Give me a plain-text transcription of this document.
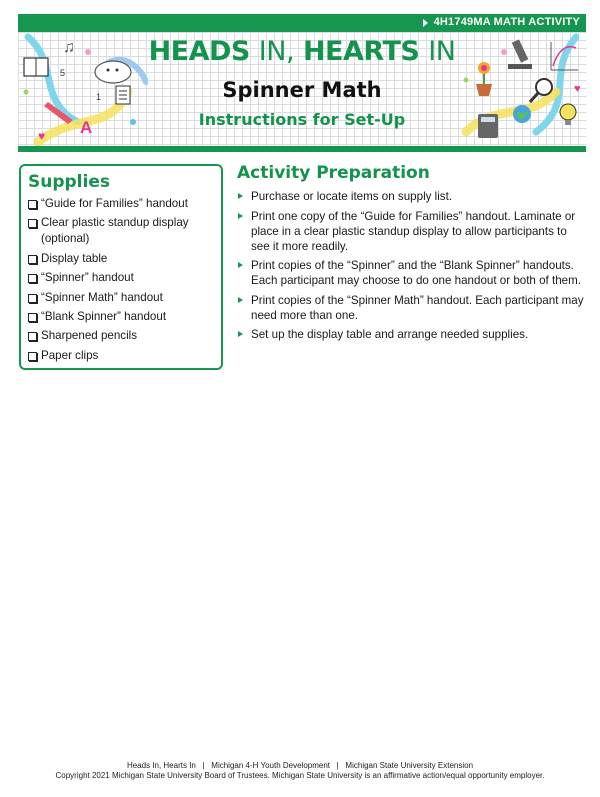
4H1749MA MATH ACTIVITY
♫
♥
5
1
A
♥
HEADS IN, HEARTS IN
Spinner Math
Instructions for Set-Up
Supplies
“Guide for Families” handout
Clear plastic standup display (optional)
Display table
“Spinner” handout
“Spinner Math” handout
“Blank Spinner” handout
Sharpened pencils
Paper clips
Activity Preparation
Purchase or locate items on supply list.
Print one copy of the “Guide for Families” handout. Laminate or place in a clear plastic standup display to allow participants to see it more readily.
Print copies of the “Spinner” and the “Blank Spinner” handouts. Each participant may choose to do one handout or both of them.
Print copies of the “Spinner Math” handout. Each participant may need more than one.
Set up the display table and arrange needed supplies.
Heads In, Hearts In   |   Michigan 4-H Youth Development   |   Michigan State University Extension
Copyright 2021 Michigan State University Board of Trustees. Michigan State University is an affirmative action/equal opportunity employer.
